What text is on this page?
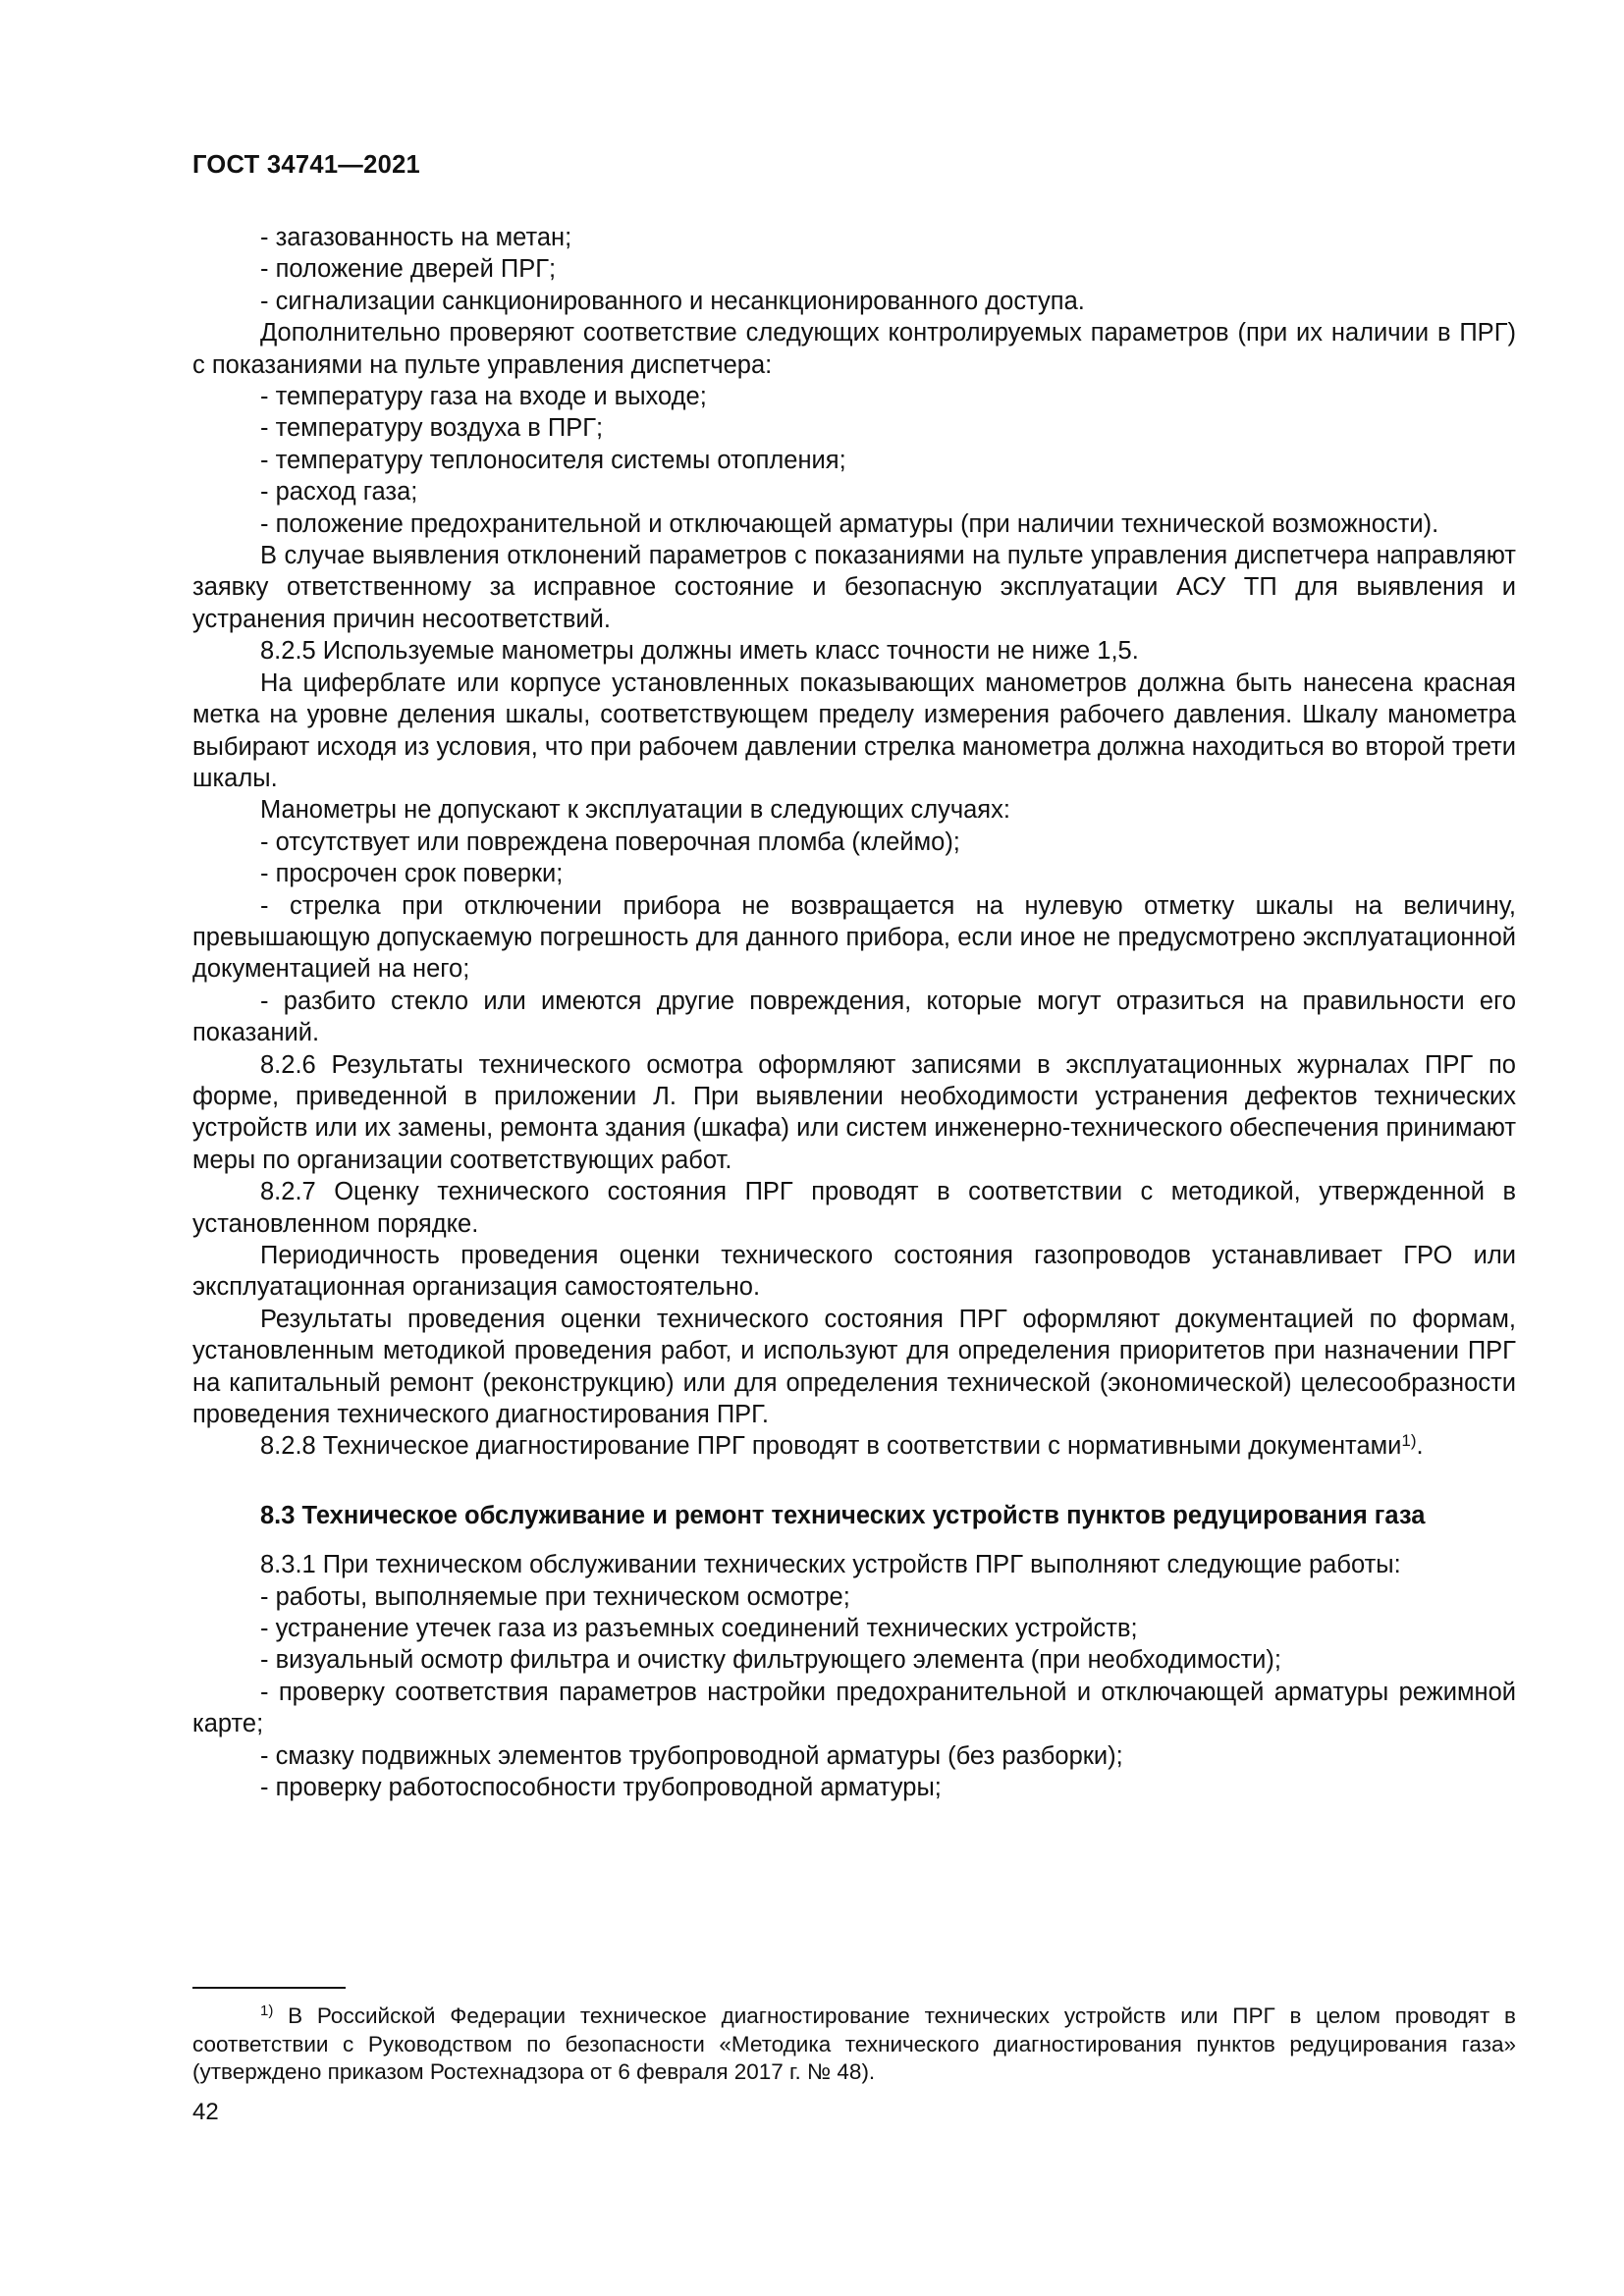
ГОСТ 34741—2021

- загазованность на метан;

- положение дверей ПРГ;

- сигнализации санкционированного и несанкционированного доступа.

Дополнительно проверяют соответствие следующих контролируемых параметров (при их наличии в ПРГ) с показаниями на пульте управления диспетчера:

- температуру газа на входе и выходе;

- температуру воздуха в ПРГ;

- температуру теплоносителя системы отопления;

- расход газа;

- положение предохранительной и отключающей арматуры (при наличии технической возможности).

В случае выявления отклонений параметров с показаниями на пульте управления диспетчера направляют заявку ответственному за исправное состояние и безопасную эксплуатации АСУ ТП для выявления и устранения причин несоответствий.

8.2.5 Используемые манометры должны иметь класс точности не ниже 1,5.

На циферблате или корпусе установленных показывающих манометров должна быть нанесена красная метка на уровне деления шкалы, соответствующем пределу измерения рабочего давления. Шкалу манометра выбирают исходя из условия, что при рабочем давлении стрелка манометра должна находиться во второй трети шкалы.

Манометры не допускают к эксплуатации в следующих случаях:

- отсутствует или повреждена поверочная пломба (клеймо);

- просрочен срок поверки;

- стрелка при отключении прибора не возвращается на нулевую отметку шкалы на величину, превышающую допускаемую погрешность для данного прибора, если иное не предусмотрено эксплуатационной документацией на него;

- разбито стекло или имеются другие повреждения, которые могут отразиться на правильности его показаний.

8.2.6 Результаты технического осмотра оформляют записями в эксплуатационных журналах ПРГ по форме, приведенной в приложении Л. При выявлении необходимости устранения дефектов технических устройств или их замены, ремонта здания (шкафа) или систем инженерно-технического обеспечения принимают меры по организации соответствующих работ.

8.2.7 Оценку технического состояния ПРГ проводят в соответствии с методикой, утвержденной в установленном порядке.

Периодичность проведения оценки технического состояния газопроводов устанавливает ГРО или эксплуатационная организация самостоятельно.

Результаты проведения оценки технического состояния ПРГ оформляют документацией по формам, установленным методикой проведения работ, и используют для определения приоритетов при назначении ПРГ на капитальный ремонт (реконструкцию) или для определения технической (экономической) целесообразности проведения технического диагностирования ПРГ.

8.2.8 Техническое диагностирование ПРГ проводят в соответствии с нормативными документами$^{1)}$.

8.3 Техническое обслуживание и ремонт технических устройств пунктов редуцирования газа

8.3.1 При техническом обслуживании технических устройств ПРГ выполняют следующие работы:

- работы, выполняемые при техническом осмотре;

- устранение утечек газа из разъемных соединений технических устройств;

- визуальный осмотр фильтра и очистку фильтрующего элемента (при необходимости);

- проверку соответствия параметров настройки предохранительной и отключающей арматуры режимной карте;

- смазку подвижных элементов трубопроводной арматуры (без разборки);

- проверку работоспособности трубопроводной арматуры;

$^{1)}$ В Российской Федерации техническое диагностирование технических устройств или ПРГ в целом проводят в соответствии с Руководством по безопасности «Методика технического диагностирования пунктов редуцирования газа» (утверждено приказом Ростехнадзора от 6 февраля 2017 г. № 48).

42
